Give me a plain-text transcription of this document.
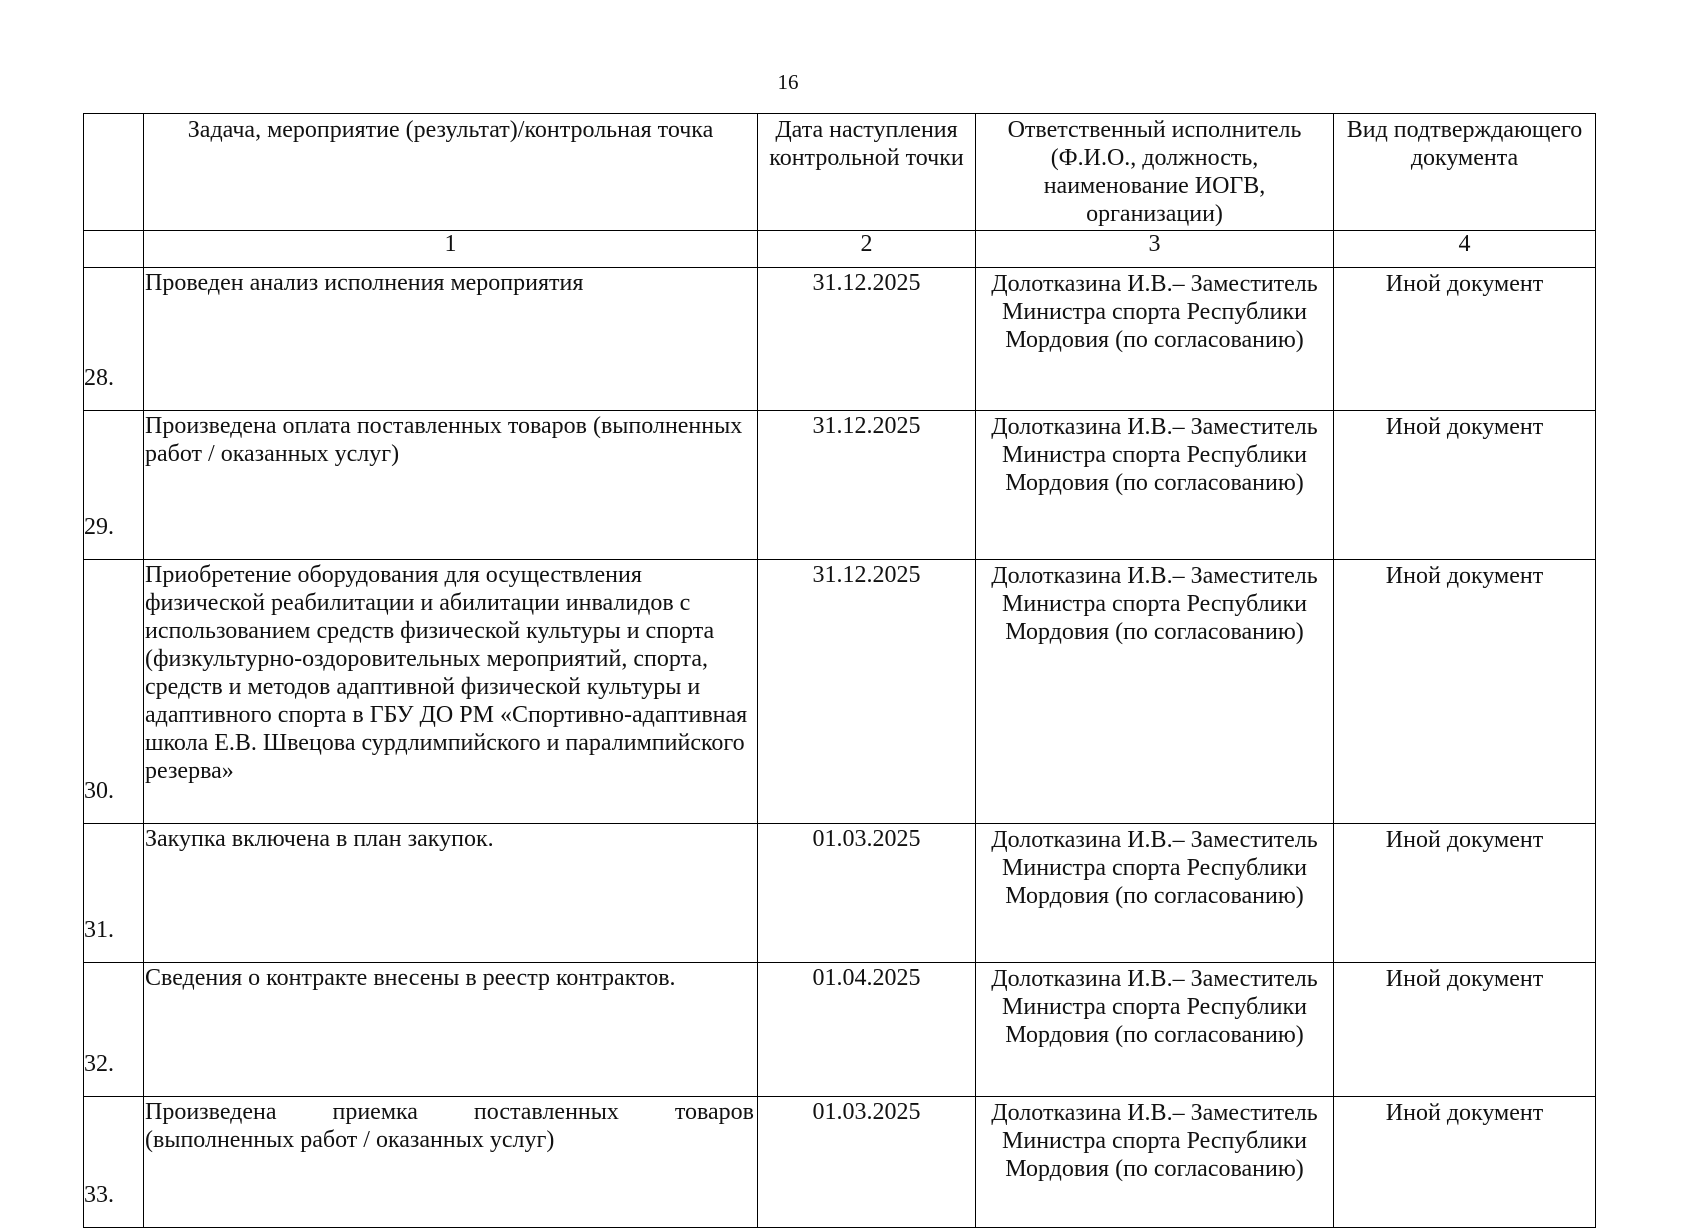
16
	Задача, мероприятие (результат)/контрольная точка	Дата наступления контрольной точки	Ответственный исполнитель (Ф.И.О., должность, наименование ИОГВ, организации)	Вид подтверждающего документа
	1	2	3	4
28.	Проведен анализ исполнения мероприятия	31.12.2025	Долотказина И.В.– Заместитель Министра спорта Республики Мордовия (по согласованию)	Иной документ
29.	Произведена оплата поставленных товаров (выполненных работ / оказанных услуг)	31.12.2025	Долотказина И.В.– Заместитель Министра спорта Республики Мордовия (по согласованию)	Иной документ
30.	Приобретение оборудования для осуществления физической реабилитации и абилитации инвалидов с использованием средств физической культуры и спорта (физкультурно-оздоровительных мероприятий, спорта, средств и методов адаптивной физической культуры и адаптивного спорта в ГБУ ДО РМ «Спортивно-адаптивная школа Е.В. Швецова сурдлимпийского и паралимпийского резерва»	31.12.2025	Долотказина И.В.– Заместитель Министра спорта Республики Мордовия (по согласованию)	Иной документ
31.	Закупка включена в план закупок.	01.03.2025	Долотказина И.В.– Заместитель Министра спорта Республики Мордовия (по согласованию)	Иной документ
32.	Сведения о контракте внесены в реестр контрактов.	01.04.2025	Долотказина И.В.– Заместитель Министра спорта Республики Мордовия (по согласованию)	Иной документ
33.	Произведена приемка поставленных товаров (выполненных работ / оказанных услуг)	01.03.2025	Долотказина И.В.– Заместитель Министра спорта Республики Мордовия (по согласованию)	Иной документ
